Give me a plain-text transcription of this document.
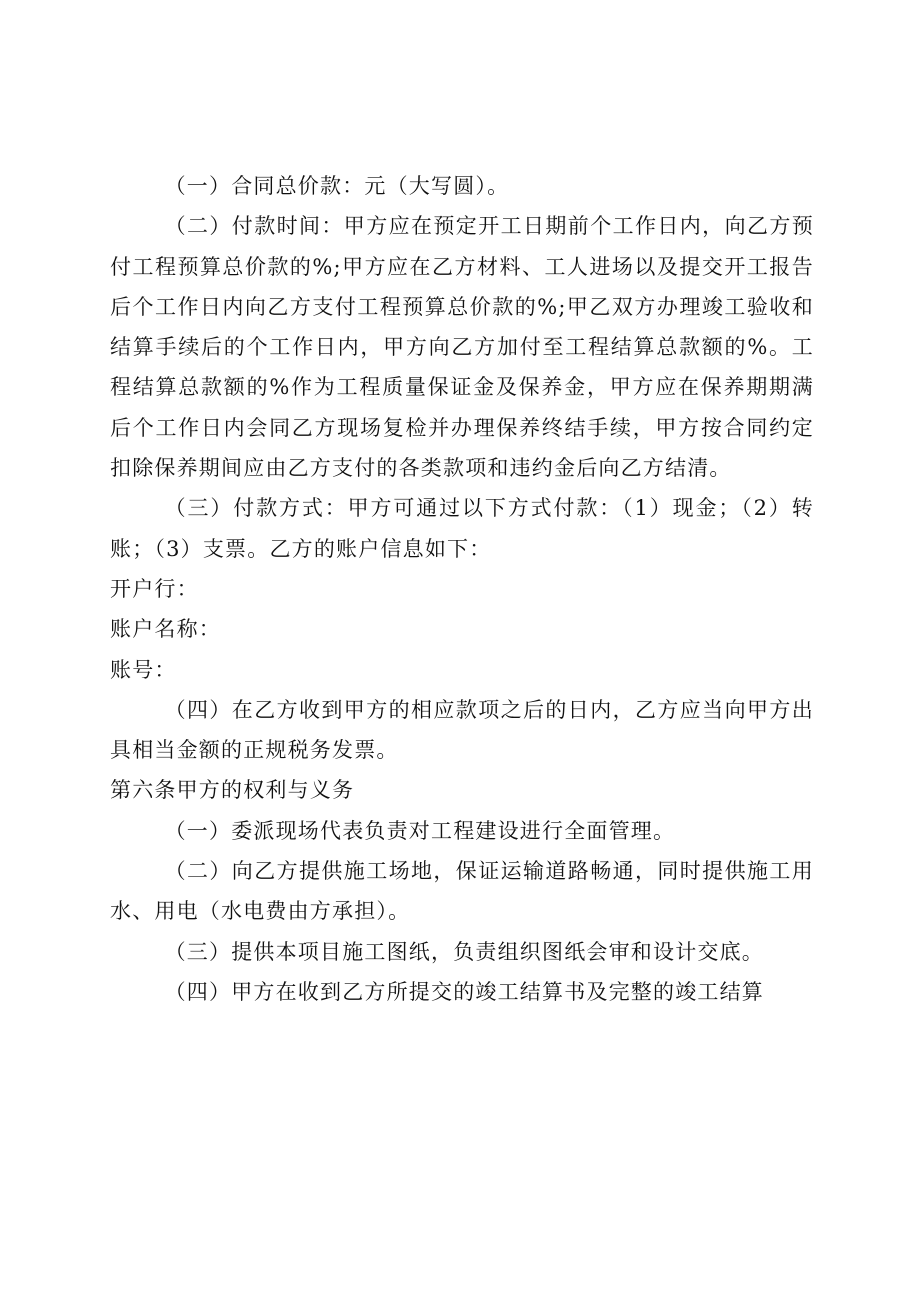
（一）合同总价款：元（大写圆）。

（二）付款时间：甲方应在预定开工日期前个工作日内，向乙方预付工程预算总价款的%;甲方应在乙方材料、工人进场以及提交开工报告后个工作日内向乙方支付工程预算总价款的%;甲乙双方办理竣工验收和结算手续后的个工作日内，甲方向乙方加付至工程结算总款额的%。工程结算总款额的%作为工程质量保证金及保养金，甲方应在保养期期满后个工作日内会同乙方现场复检并办理保养终结手续，甲方按合同约定扣除保养期间应由乙方支付的各类款项和违约金后向乙方结清。

（三）付款方式：甲方可通过以下方式付款：（1）现金；（2）转账；（3）支票。乙方的账户信息如下：

开户行：

账户名称：

账号：

（四）在乙方收到甲方的相应款项之后的日内，乙方应当向甲方出具相当金额的正规税务发票。

第六条甲方的权利与义务

（一）委派现场代表负责对工程建设进行全面管理。

（二）向乙方提供施工场地，保证运输道路畅通，同时提供施工用水、用电（水电费由方承担）。

（三）提供本项目施工图纸，负责组织图纸会审和设计交底。

（四）甲方在收到乙方所提交的竣工结算书及完整的竣工结算
